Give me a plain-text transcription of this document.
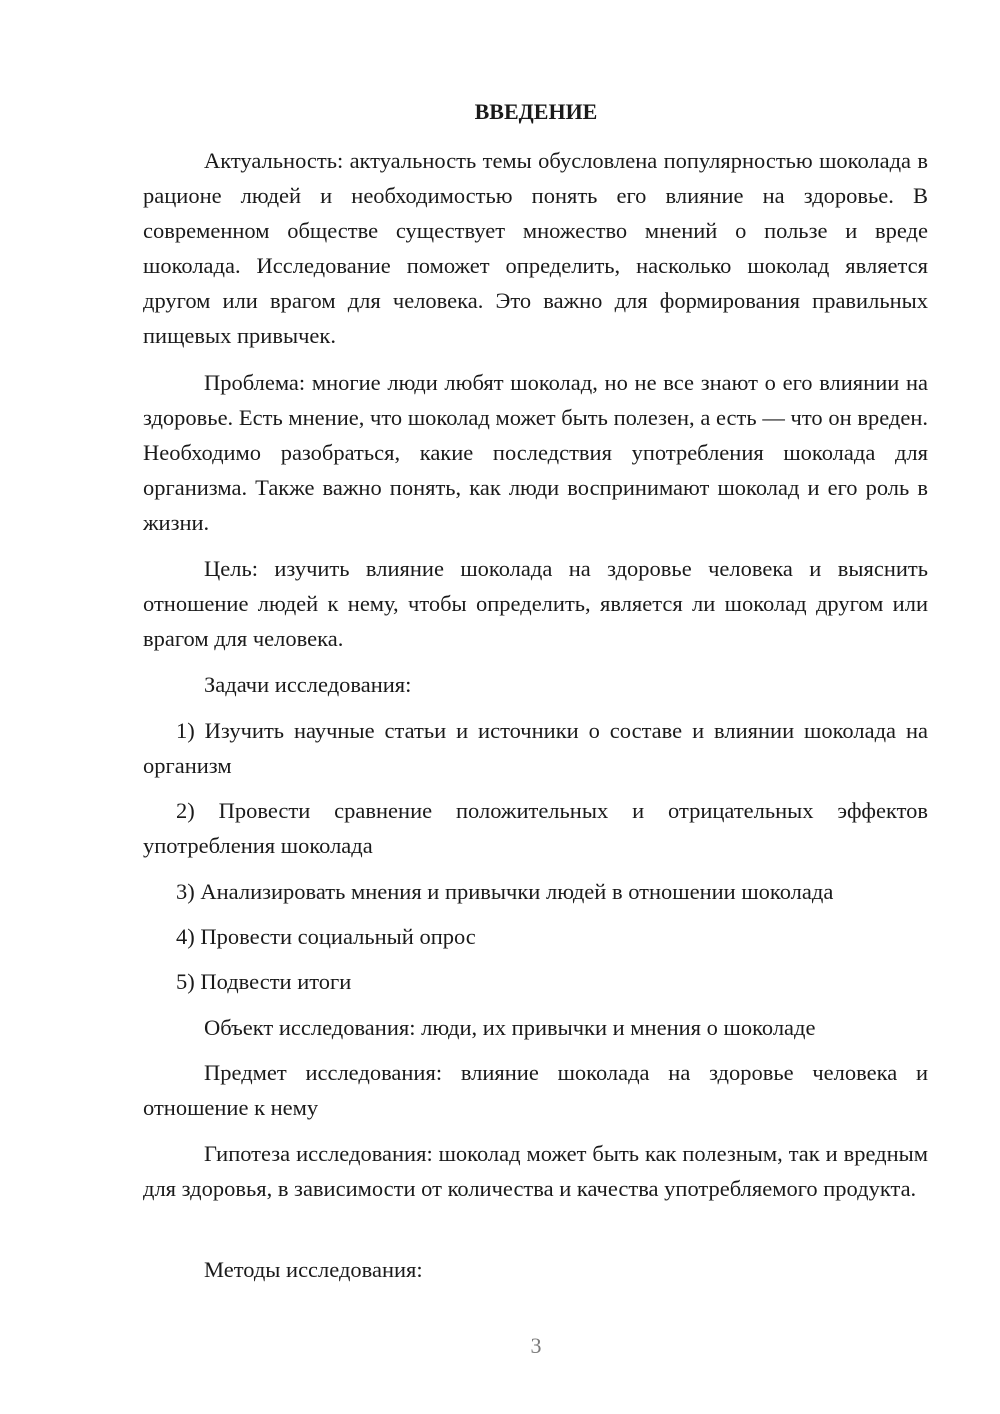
ВВЕДЕНИЕ

Актуальность: актуальность темы обусловлена популярностью шоколада в рационе людей и необходимостью понять его влияние на здоровье. В современном обществе существует множество мнений о пользе и вреде шоколада. Исследование поможет определить, насколько шоколад является другом или врагом для человека. Это важно для формирования правильных пищевых привычек.

Проблема: многие люди любят шоколад, но не все знают о его влиянии на здоровье. Есть мнение, что шоколад может быть полезен, а есть — что он вреден. Необходимо разобраться, какие последствия употребления шоколада для организма. Также важно понять, как люди воспринимают шоколад и его роль в жизни.

Цель: изучить влияние шоколада на здоровье человека и выяснить отношение людей к нему, чтобы определить, является ли шоколад другом или врагом для человека.

Задачи исследования:

1) Изучить научные статьи и источники о составе и влиянии шоколада на организм

2) Провести сравнение положительных и отрицательных эффектов употребления шоколада

3) Анализировать мнения и привычки людей в отношении шоколада

4) Провести социальный опрос

5) Подвести итоги

Объект исследования: люди, их привычки и мнения о шоколаде

Предмет исследования: влияние шоколада на здоровье человека и отношение к нему

Гипотеза исследования: шоколад может быть как полезным, так и вредным для здоровья, в зависимости от количества и качества употребляемого продукта.

Методы исследования:

3
